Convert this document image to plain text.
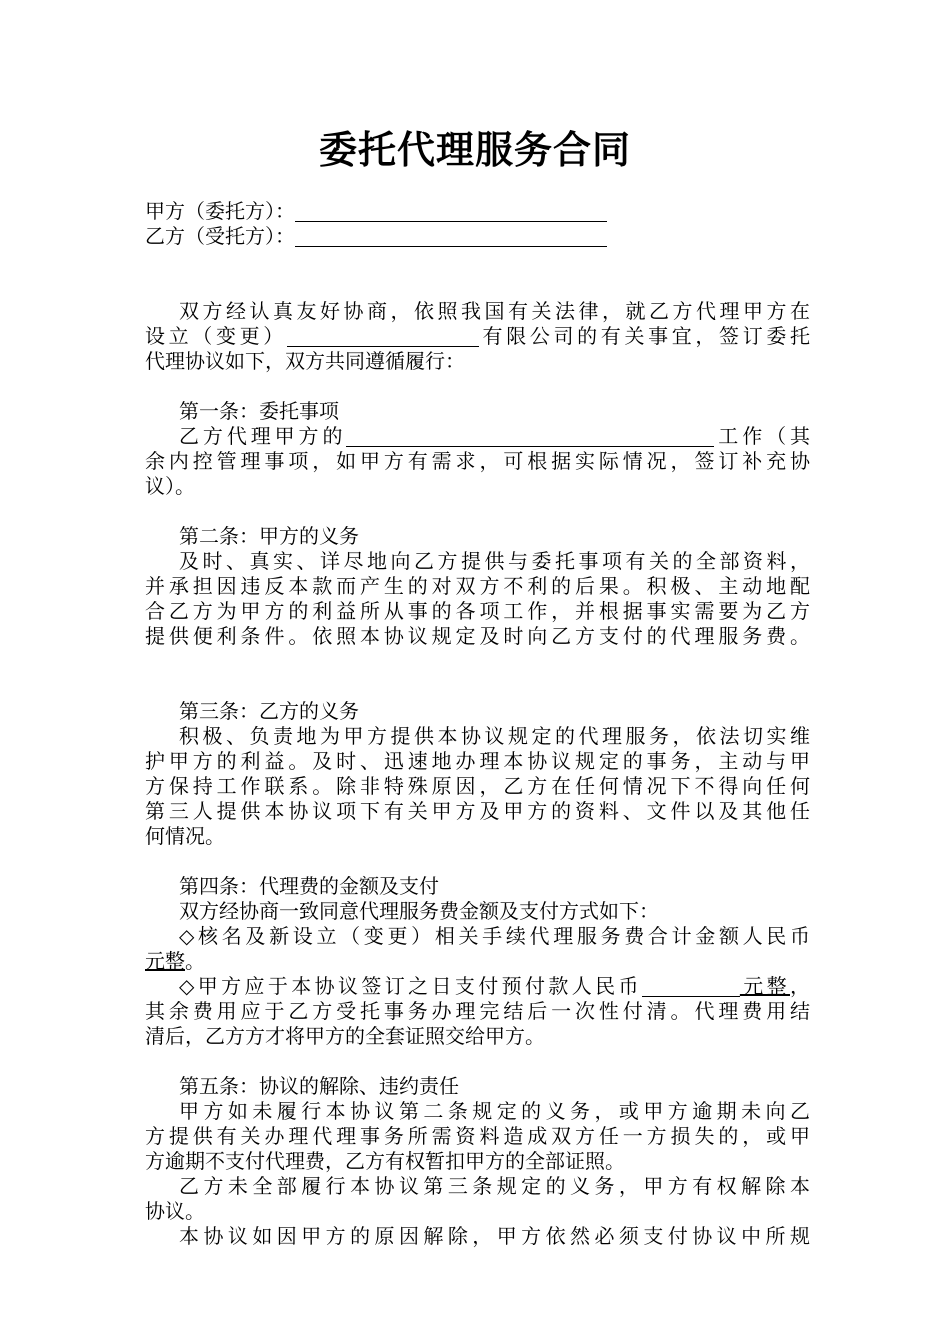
委托代理服务合同
甲方（委托方）：
乙方（受托方）：
双方经认真友好协商，依照我国有关法律，就乙方代理甲方在
设立（变更）	有限公司的有关事宜，签订委托
代理协议如下，双方共同遵循履行：
第一条：委托事项
乙方代理甲方的	工作（其
余内控管理事项，如甲方有需求，可根据实际情况，签订补充协
议）。
第二条：甲方的义务
及时、真实、详尽地向乙方提供与委托事项有关的全部资料，
并承担因违反本款而产生的对双方不利的后果。积极、主动地配
合乙方为甲方的利益所从事的各项工作，并根据事实需要为乙方
提供便利条件。依照本协议规定及时向乙方支付的代理服务费。
第三条：乙方的义务
积极、负责地为甲方提供本协议规定的代理服务，依法切实维
护甲方的利益。及时、迅速地办理本协议规定的事务，主动与甲
方保持工作联系。除非特殊原因，乙方在任何情况下不得向任何
第三人提供本协议项下有关甲方及甲方的资料、文件以及其他任
何情况。
第四条：代理费的金额及支付
双方经协商一致同意代理服务费金额及支付方式如下：
◇核名及新设立（变更）相关手续代理服务费合计金额人民币
元整。
◇甲方应于本协议签订之日支付预付款人民币	元整，
其余费用应于乙方受托事务办理完结后一次性付清。代理费用结
清后，乙方方才将甲方的全套证照交给甲方。
第五条：协议的解除、违约责任
甲方如未履行本协议第二条规定的义务，或甲方逾期未向乙
方提供有关办理代理事务所需资料造成双方任一方损失的，或甲
方逾期不支付代理费，乙方有权暂扣甲方的全部证照。
乙方未全部履行本协议第三条规定的义务，甲方有权解除本
协议。
本协议如因甲方的原因解除，甲方依然必须支付协议中所规
